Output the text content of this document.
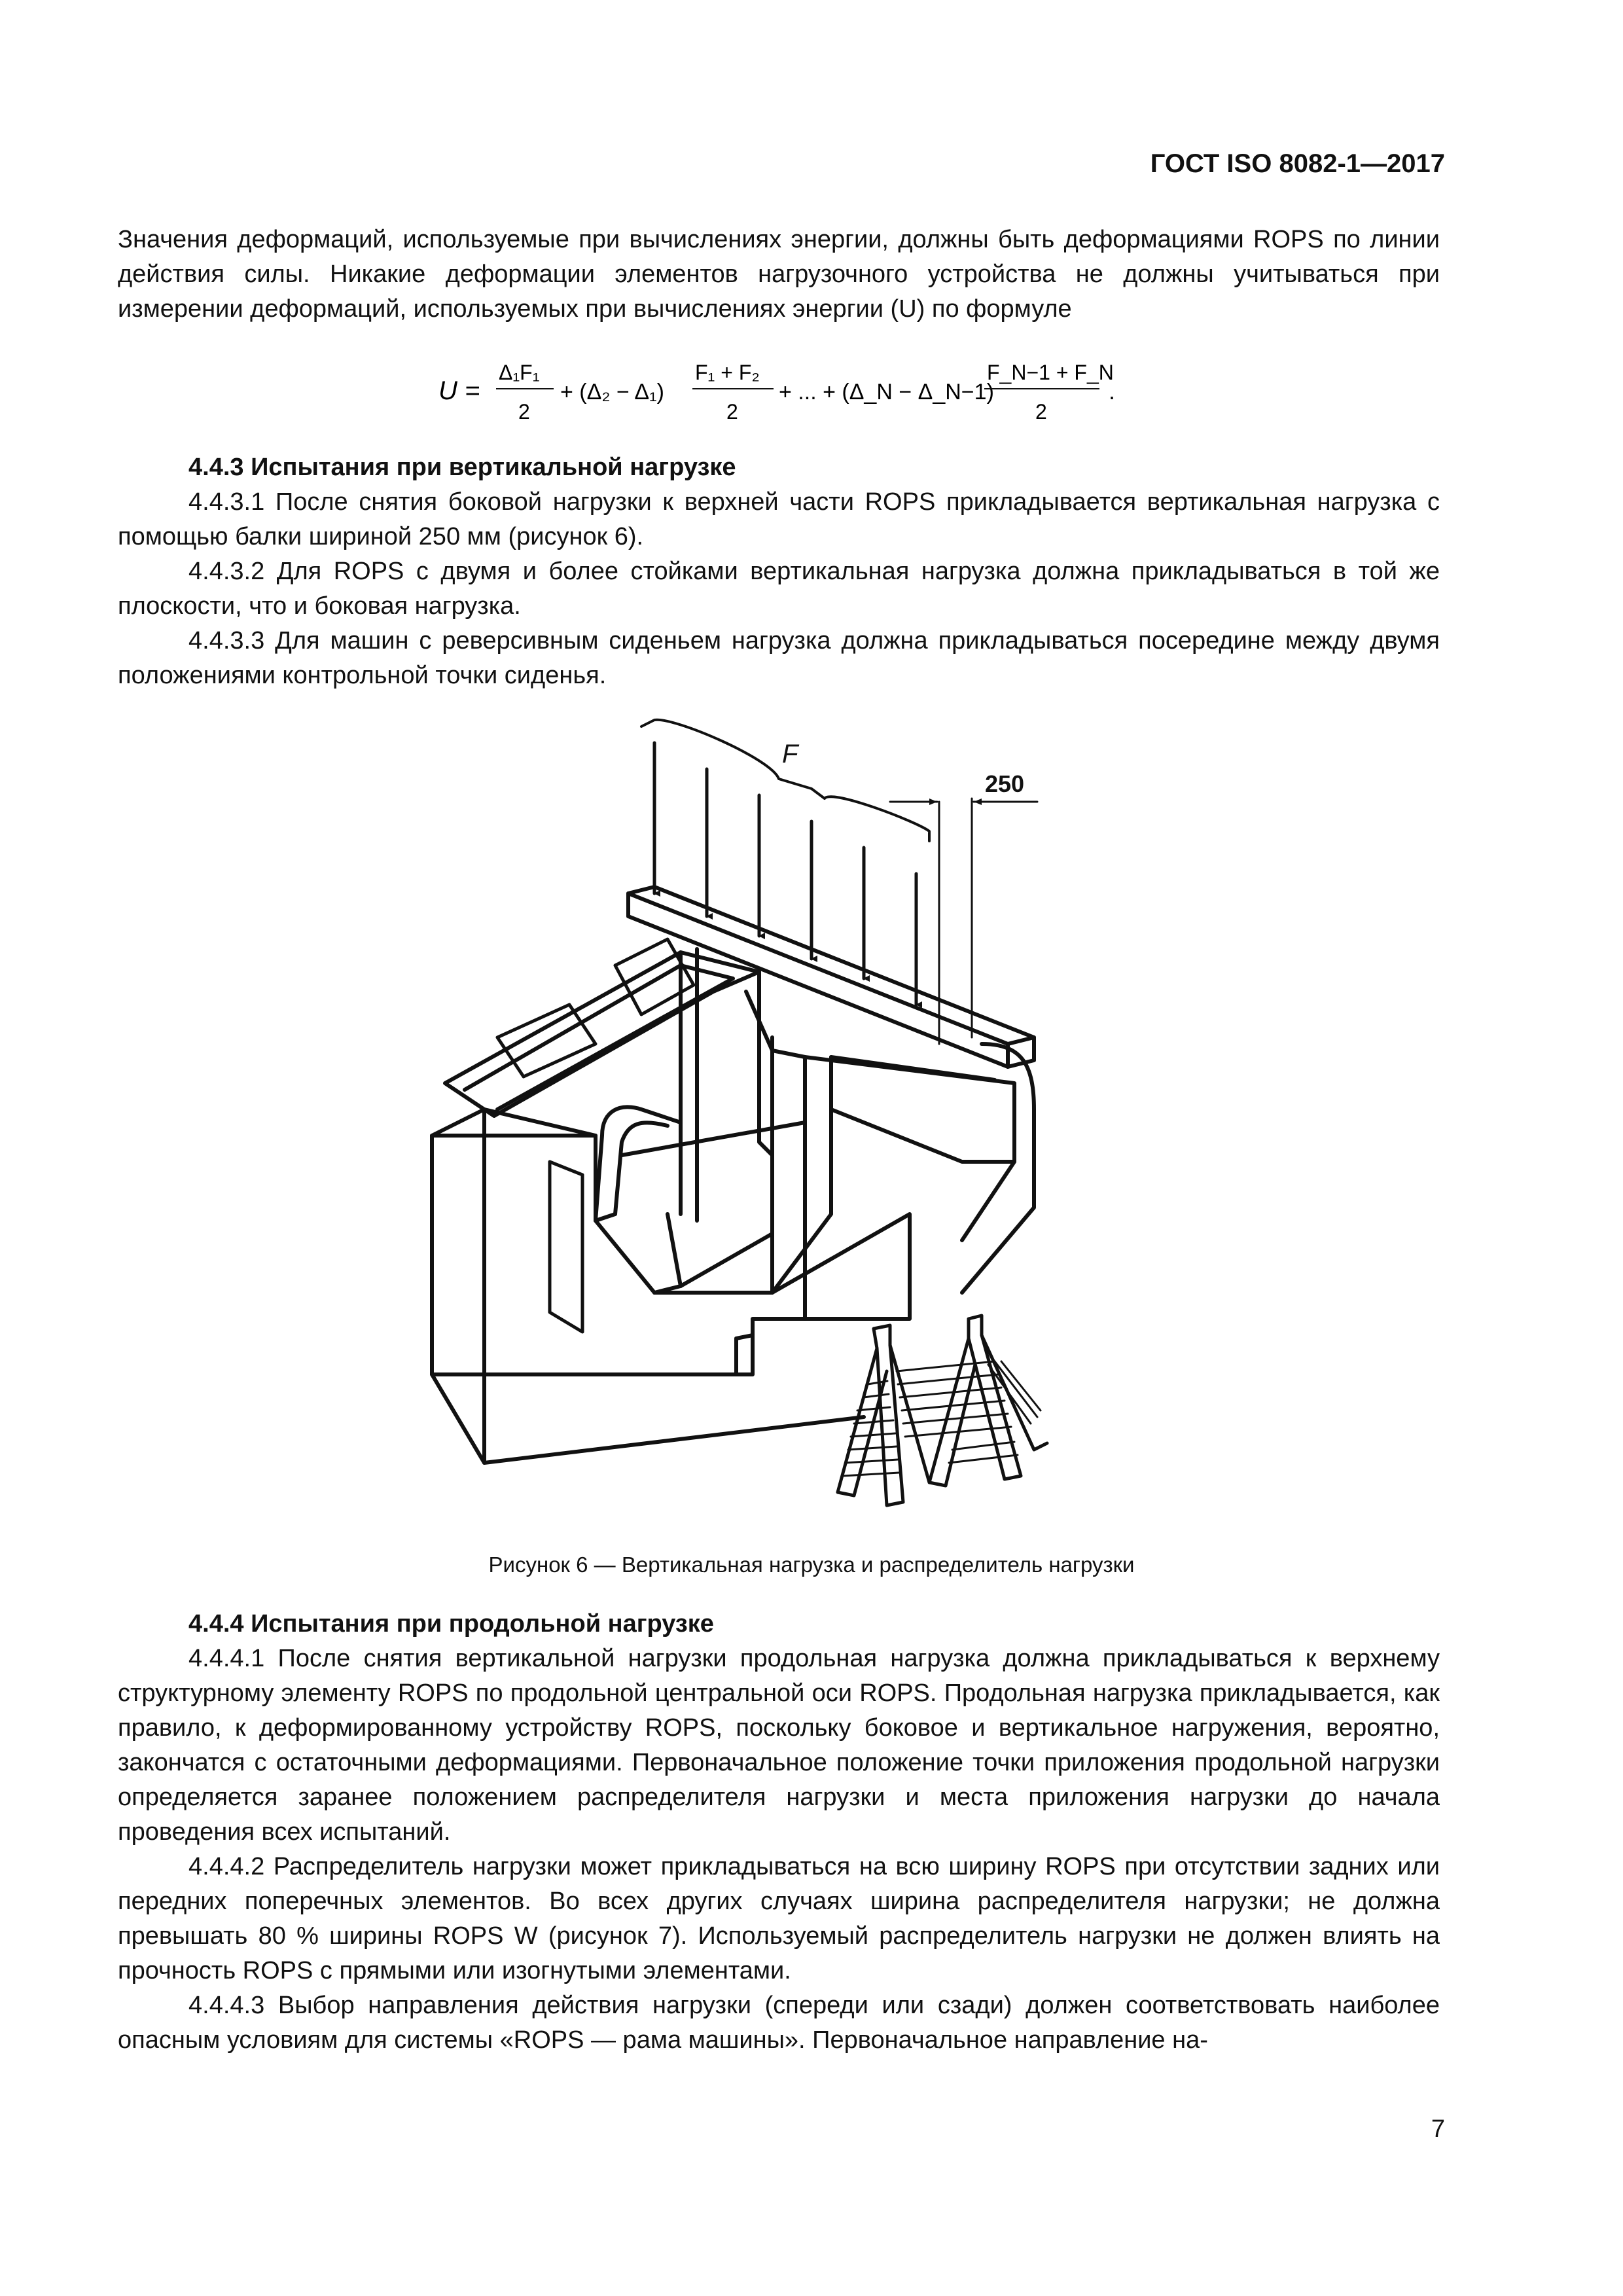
ГОСТ ISO 8082-1—2017

Значения деформаций, используемые при вычислениях энергии, должны быть деформациями ROPS по линии действия силы. Никакие деформации элементов нагрузочного устройства не должны учитываться при измерении деформаций, используемых при вычислениях энергии (U) по формуле

U =
Δ₁F₁
2
+ (Δ₂ − Δ₁)
F₁ + F₂
2
+ ... + (Δ_N − Δ_N−1)
F_N−1 + F_N
2
.
4.4.3 Испытания при вертикальной нагрузке

4.4.3.1 После снятия боковой нагрузки к верхней части ROPS прикладывается вертикальная нагрузка с помощью балки шириной 250 мм (рисунок 6).

4.4.3.2 Для ROPS с двумя и более стойками вертикальная нагрузка должна прикладываться в той же плоскости, что и боковая нагрузка.

4.4.3.3 Для машин с реверсивным сиденьем нагрузка должна прикладываться посередине между двумя положениями контрольной точки сиденья.

F
250
Рисунок 6 — Вертикальная нагрузка и распределитель нагрузки
4.4.4 Испытания при продольной нагрузке

4.4.4.1 После снятия вертикальной нагрузки продольная нагрузка должна прикладываться к верхнему структурному элементу ROPS по продольной центральной оси ROPS. Продольная нагрузка прикладывается, как правило, к деформированному устройству ROPS, поскольку боковое и вертикальное нагружения, вероятно, закончатся с остаточными деформациями. Первоначальное положение точки приложения продольной нагрузки определяется заранее положением распределителя нагрузки и места приложения нагрузки до начала проведения всех испытаний.

4.4.4.2 Распределитель нагрузки может прикладываться на всю ширину ROPS при отсутствии задних или передних поперечных элементов. Во всех других случаях ширина распределителя нагрузки; не должна превышать 80 % ширины ROPS W (рисунок 7). Используемый распределитель нагрузки не должен влиять на прочность ROPS с прямыми или изогнутыми элементами.

4.4.4.3 Выбор направления действия нагрузки (спереди или сзади) должен соответствовать наиболее опасным условиям для системы «ROPS — рама машины». Первоначальное направление на-

7
